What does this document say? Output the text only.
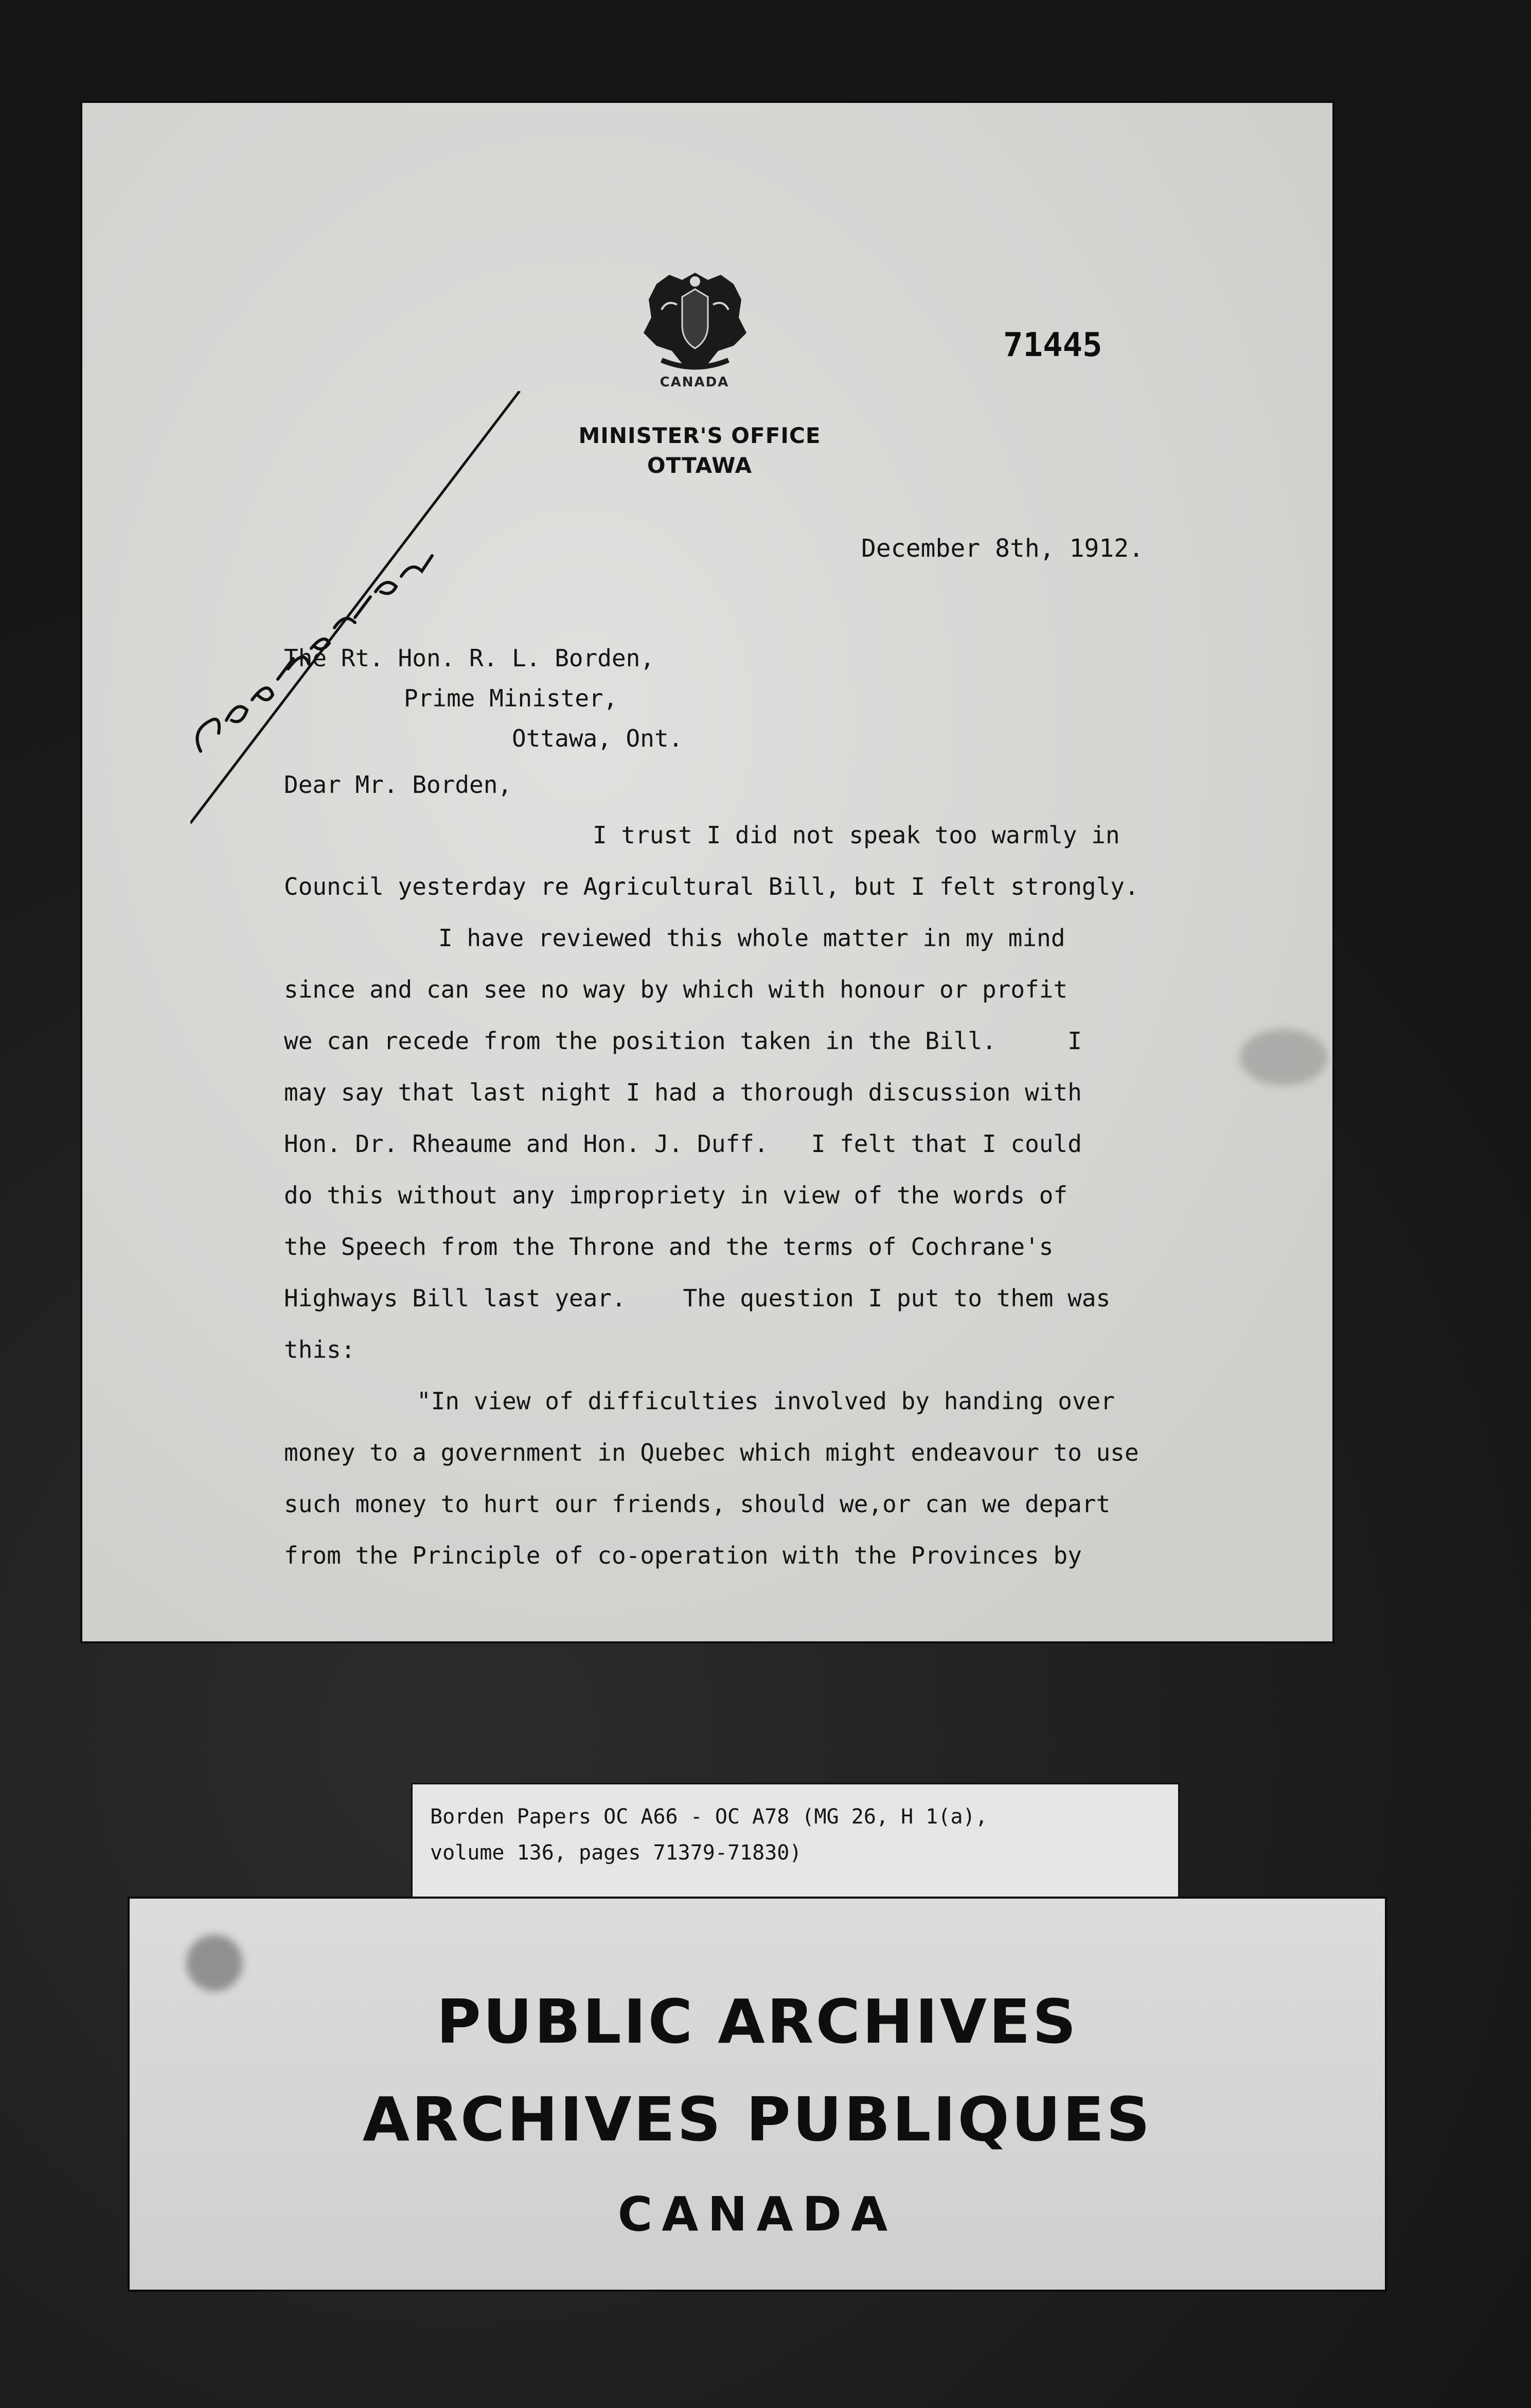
CANADA
MINISTER'S OFFICE
OTTAWA
71445
December 8th, 1912.
The Rt. Hon. R. L. Borden,
Prime Minister,
Ottawa, Ont.
Dear Mr. Borden,
I trust I did not speak too warmly in
Council yesterday re Agricultural Bill, but I felt strongly.
I have reviewed this whole matter in my mind
since and can see no way by which with honour or profit
we can recede from the position taken in the Bill.     I
may say that last night I had a thorough discussion with
Hon. Dr. Rheaume and Hon. J. Duff.   I felt that I could
do this without any impropriety in view of the words of
the Speech from the Throne and the terms of Cochrane's
Highways Bill last year.    The question I put to them was
this:
"In view of difficulties involved by handing over
money to a government in Quebec which might endeavour to use
such money to hurt our friends, should we,or can we depart
from the Principle of co-operation with the Provinces by
Borden Papers OC A66 - OC A78 (MG 26, H 1(a),
volume 136, pages 71379-71830)
PUBLIC ARCHIVES
ARCHIVES PUBLIQUES
CANADA
